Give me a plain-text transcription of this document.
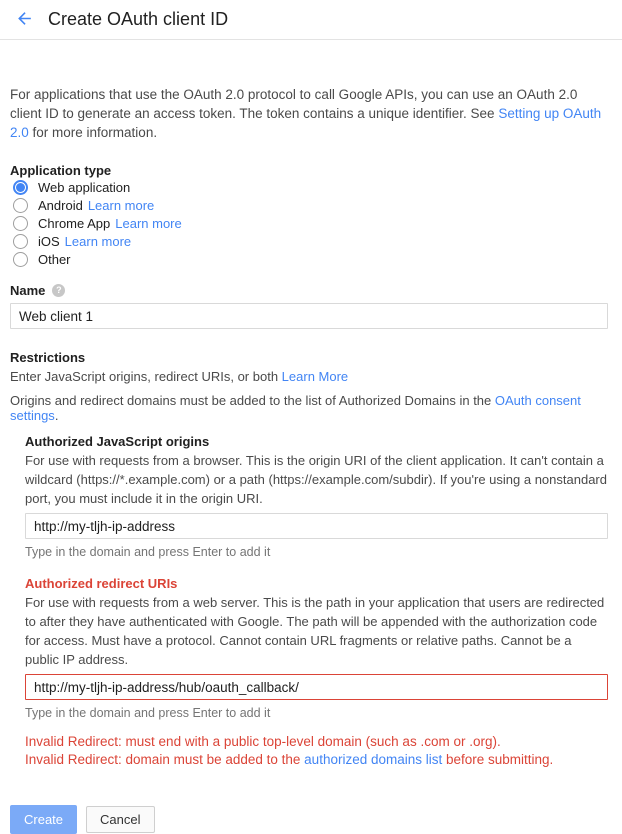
Create OAuth client ID
For applications that use the OAuth 2.0 protocol to call Google APIs, you can use an OAuth 2.0 client ID to generate an access token. The token contains a unique identifier. See Setting up OAuth 2.0 for more information.
Application type
Web application
Android Learn more
Chrome App Learn more
iOS Learn more
Other
Name	?
Web client 1
Restrictions
Enter JavaScript origins, redirect URIs, or both Learn More
Origins and redirect domains must be added to the list of Authorized Domains in the OAuth consent settings.
Authorized JavaScript origins
For use with requests from a browser. This is the origin URI of the client application. It can't contain a wildcard (https://*.example.com) or a path (https://example.com/subdir). If you're using a nonstandard port, you must include it in the origin URI.
http://my-tljh-ip-address
Type in the domain and press Enter to add it
Authorized redirect URIs
For use with requests from a web server. This is the path in your application that users are redirected to after they have authenticated with Google. The path will be appended with the authorization code for access. Must have a protocol. Cannot contain URL fragments or relative paths. Cannot be a public IP address.
http://my-tljh-ip-address/hub/oauth_callback/
Type in the domain and press Enter to add it
Invalid Redirect: must end with a public top-level domain (such as .com or .org).
Invalid Redirect: domain must be added to the authorized domains list before submitting.
Create	Cancel
